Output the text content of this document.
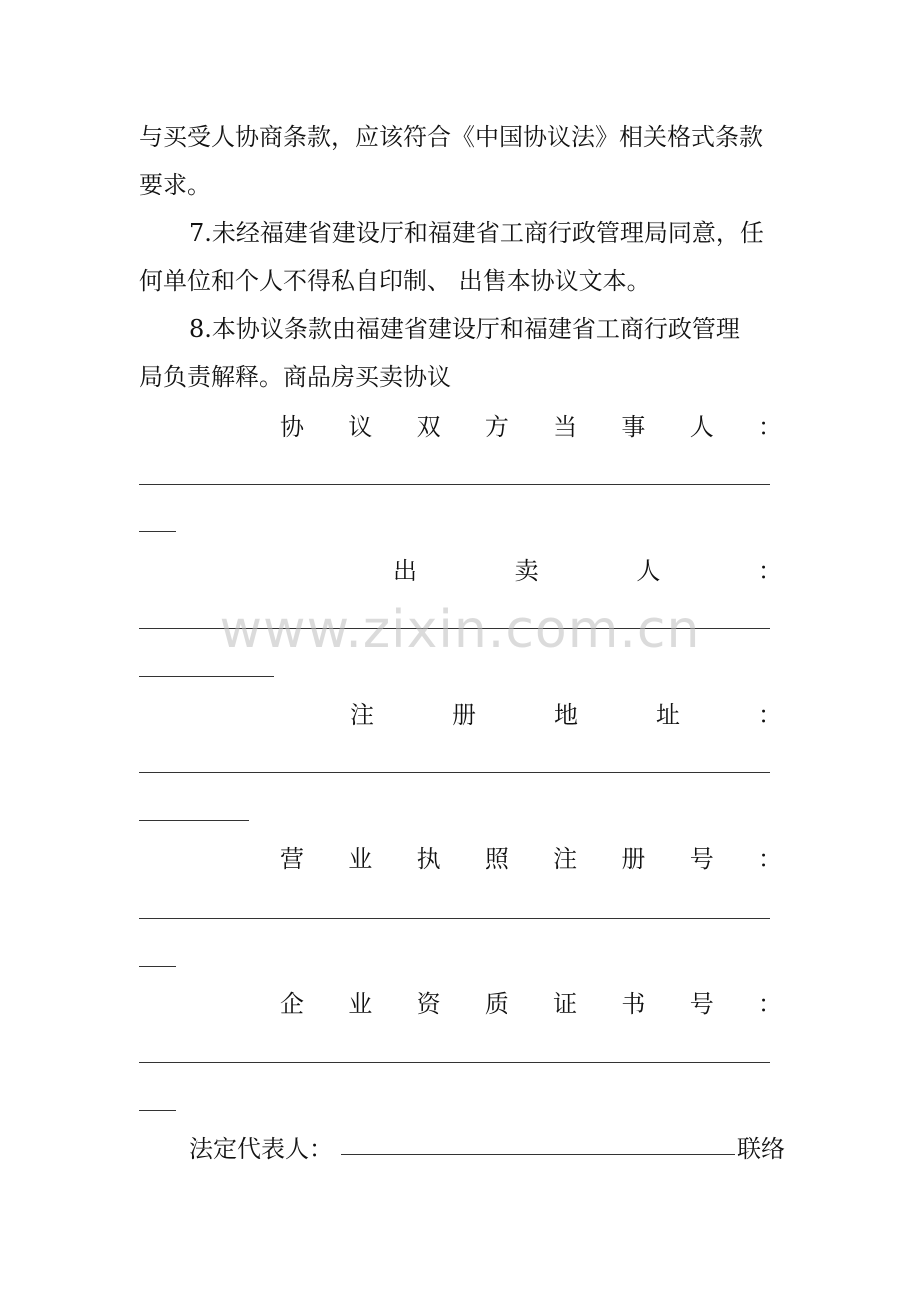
与买受人协商条款，应该符合《中国协议法》相关格式条款
要求。
7.未经福建省建设厅和福建省工商行政管理局同意，任
何单位和个人不得私自印制、 出售本协议文本。
8.本协议条款由福建省建设厅和福建省工商行政管理
局负责解释。商品房买卖协议
协 议 双 方 当 事 人 ：
出	卖	人	：
注	册	地	址	：
营 业 执 照 注 册 号 ：
企 业 资 质 证 书 号 ：
法定代表人：	联络
www.zixin.com.cn
